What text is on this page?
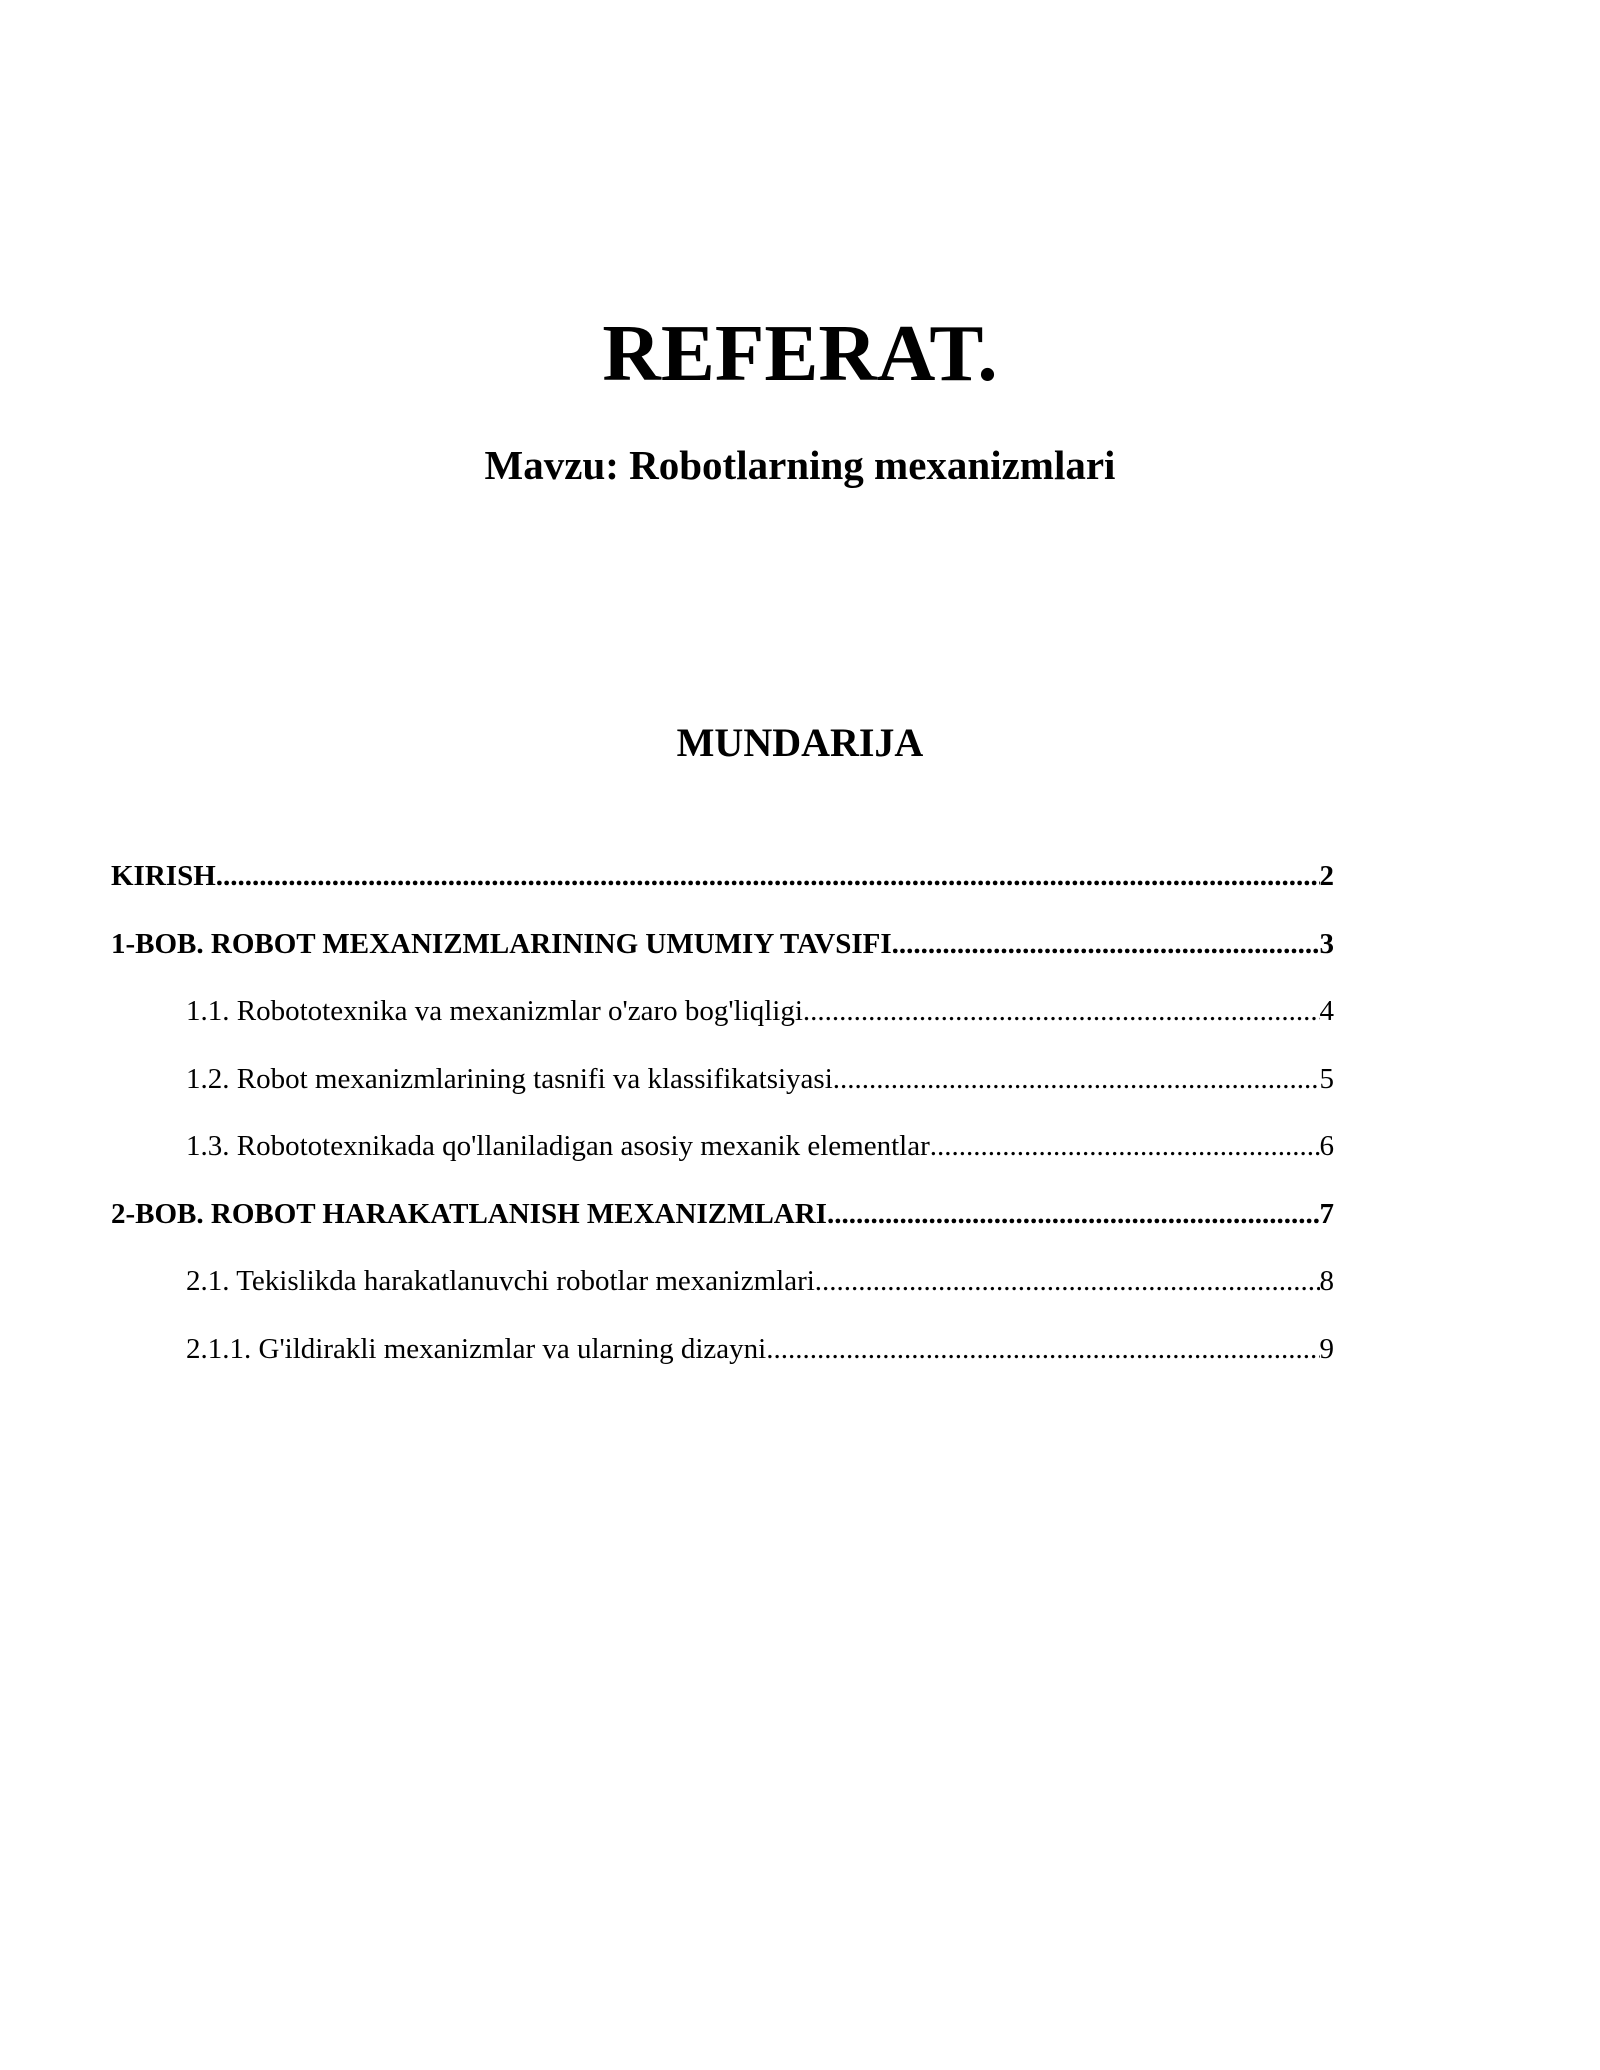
REFERAT.
Mavzu: Robotlarning mexanizmlari
MUNDARIJA
KIRISH .....	2
1-BOB. ROBOT MEXANIZMLARINING UMUMIY TAVSIFI .....	3
1.1. Robototexnika va mexanizmlar o'zaro bog'liqligi .....	4
1.2. Robot mexanizmlarining tasnifi va klassifikatsiyasi .....	5
1.3. Robototexnikada qo'llaniladigan asosiy mexanik elementlar .....	6
2-BOB. ROBOT HARAKATLANISH MEXANIZMLARI .....	7
2.1. Tekislikda harakatlanuvchi robotlar mexanizmlari .....	8
2.1.1. G'ildirakli mexanizmlar va ularning dizayni .....	9
